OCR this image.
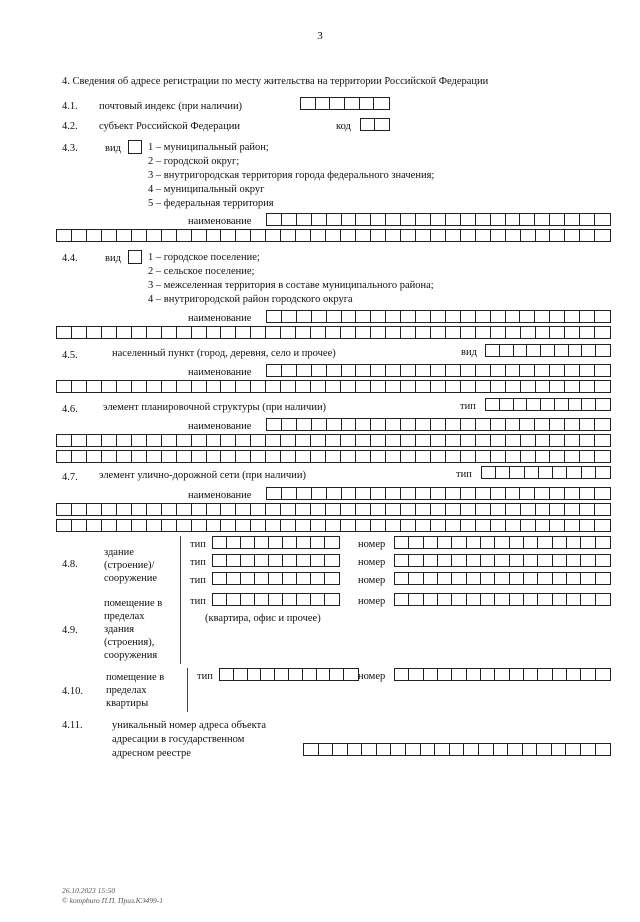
3
4. Сведения об адресе регистрации по месту жительства на территории Российской Федерации
4.1. почтовый индекс (при наличии)
4.2. субъект Российской Федерации	код
4.3.	вид	1 – муниципальный район;
2 – городской округ;
3 – внутригородская территория города федерального значения;
4 – муниципальный округ
5 – федеральная территория
наименование
4.4.	вид	1 – городское поселение;
2 – сельское поселение;
3 – межселенная территория в составе муниципального района;
4 – внутригородской район городского округа
наименование
4.5.	населенный пункт (город, деревня, село и прочее)	вид
наименование
4.6. элемент планировочной структуры (при наличии)	тип
наименование
4.7. элемент улично-дорожной сети (при наличии)	тип
наименование
4.8.
здание
(строение)/
сооружение
тип	номер
тип	номер
тип	номер
4.9.
помещение в
пределах
здания
(строения),
сооружения
тип	номер
(квартира, офис и прочее)
4.10.
помещение в
пределах
квартиры
тип	номер
4.11.	уникальный номер адреса объекта
адресации в государственном
адресном реестре
26.10.2023 15:50
© kompburo П.П. Приз.КЭ499-1
